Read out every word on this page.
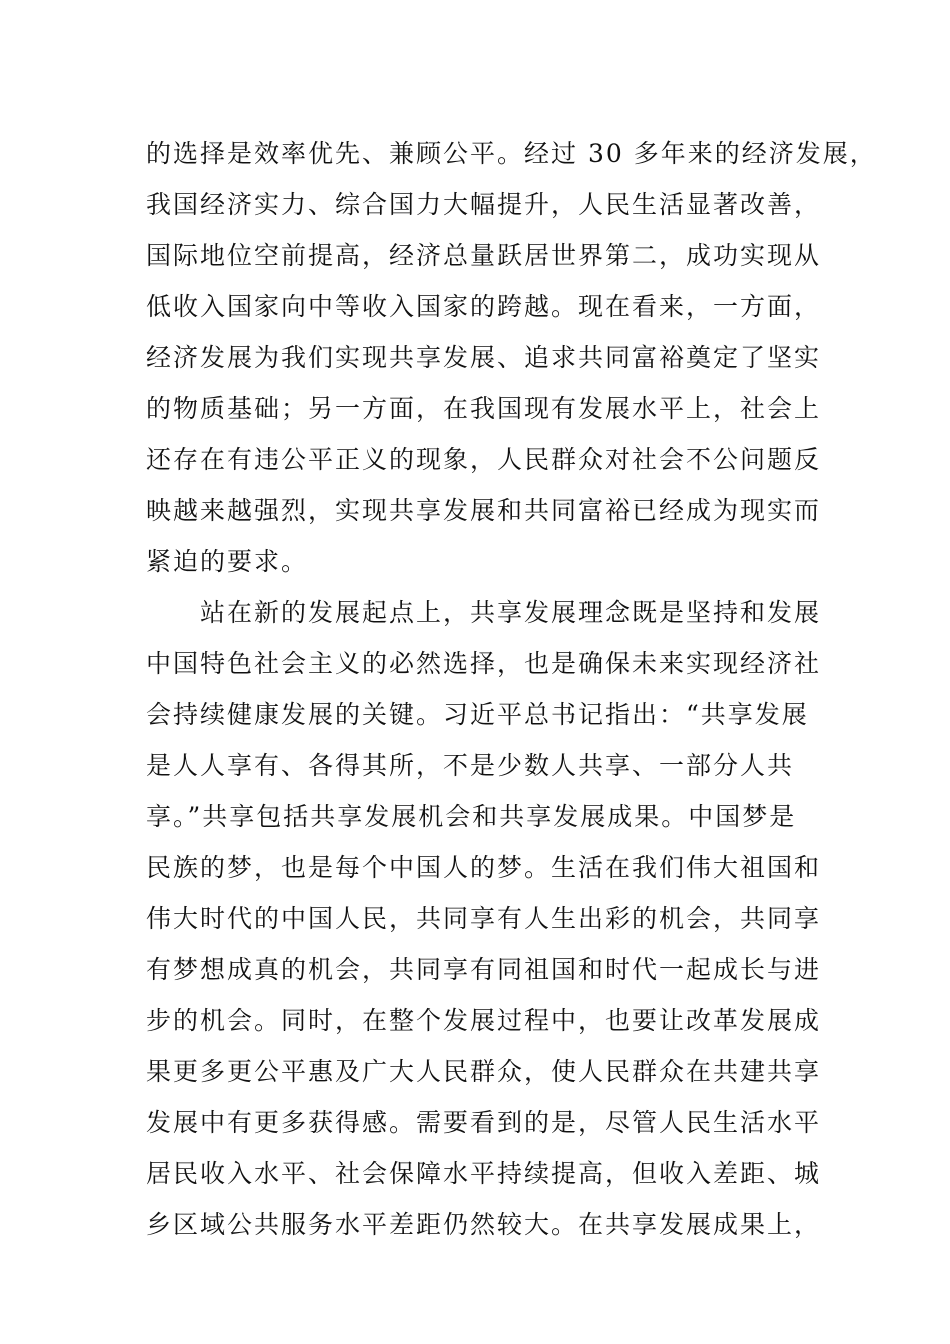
的选择是效率优先、兼顾公平。经过 30 多年来的经济发展，
我国经济实力、综合国力大幅提升，人民生活显著改善，
国际地位空前提高，经济总量跃居世界第二，成功实现从
低收入国家向中等收入国家的跨越。现在看来，一方面，
经济发展为我们实现共享发展、追求共同富裕奠定了坚实
的物质基础；另一方面，在我国现有发展水平上，社会上
还存在有违公平正义的现象，人民群众对社会不公问题反
映越来越强烈，实现共享发展和共同富裕已经成为现实而
紧迫的要求。
站在新的发展起点上，共享发展理念既是坚持和发展
中国特色社会主义的必然选择，也是确保未来实现经济社
会持续健康发展的关键。习近平总书记指出：“共享发展
是人人享有、各得其所，不是少数人共享、一部分人共
享。”共享包括共享发展机会和共享发展成果。中国梦是
民族的梦，也是每个中国人的梦。生活在我们伟大祖国和
伟大时代的中国人民，共同享有人生出彩的机会，共同享
有梦想成真的机会，共同享有同祖国和时代一起成长与进
步的机会。同时，在整个发展过程中，也要让改革发展成
果更多更公平惠及广大人民群众，使人民群众在共建共享
发展中有更多获得感。需要看到的是，尽管人民生活水平
居民收入水平、社会保障水平持续提高，但收入差距、城
乡区域公共服务水平差距仍然较大。在共享发展成果上，
